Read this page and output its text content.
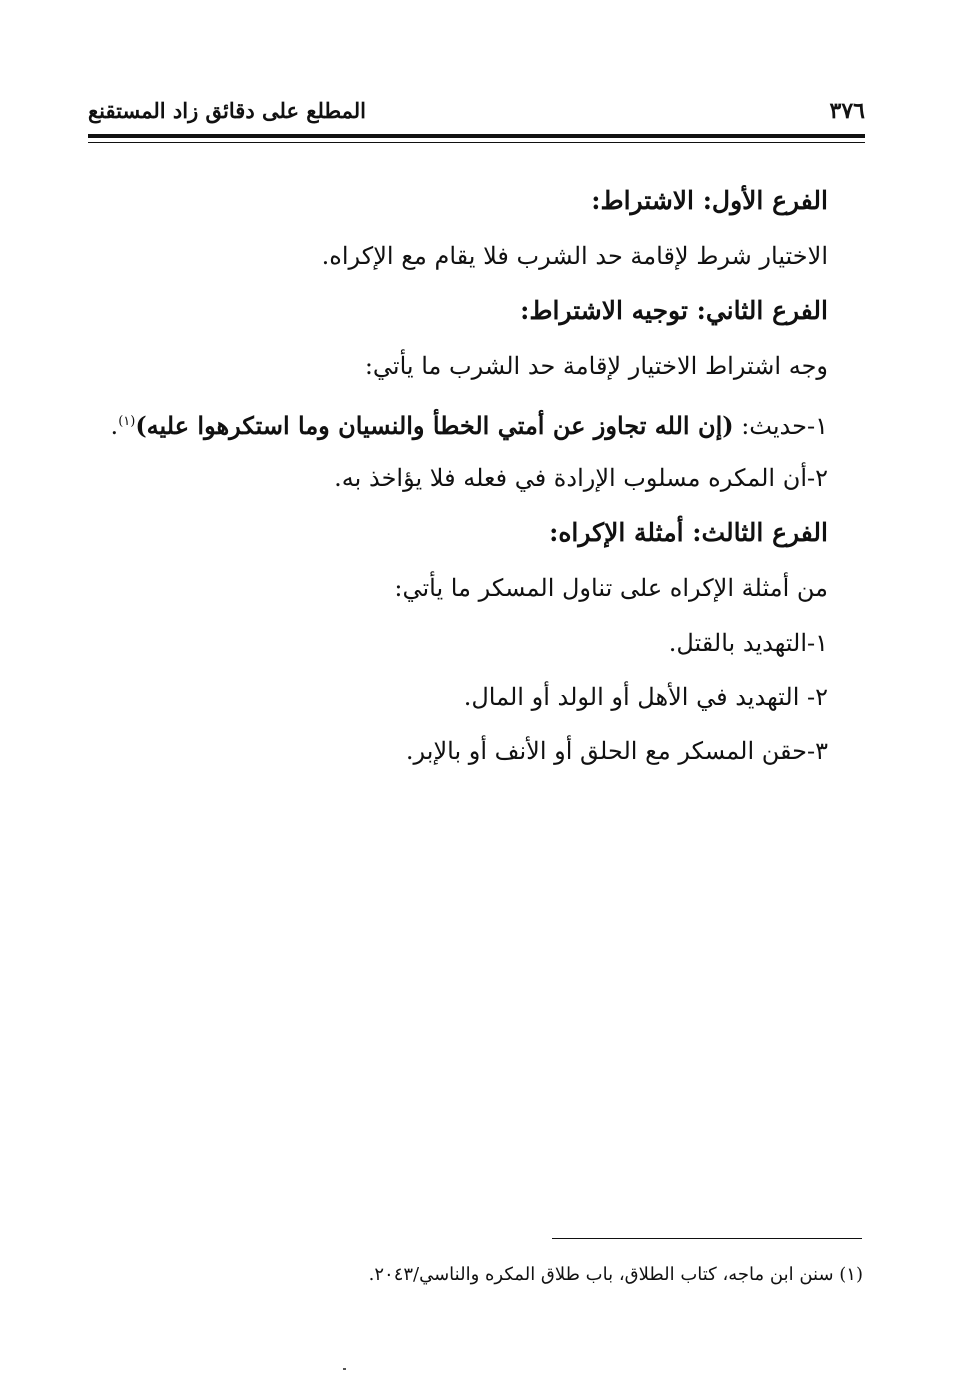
٣٧٦
المطلع على دقائق زاد المستقنع
الفرع الأول: الاشتراط:
الاختيار شرط لإقامة حد الشرب فلا يقام مع الإكراه.
الفرع الثاني: توجيه الاشتراط:
وجه اشتراط الاختيار لإقامة حد الشرب ما يأتي:
١-حديث: (إن الله تجاوز عن أمتي الخطأ والنسيان وما استكرهوا عليه)$^{(١)}$.
٢-أن المكره مسلوب الإرادة في فعله فلا يؤاخذ به.
الفرع الثالث: أمثلة الإكراه:
من أمثلة الإكراه على تناول المسكر ما يأتي:
١-التهديد بالقتل.
٢- التهديد في الأهل أو الولد أو المال.
٣-حقن المسكر مع الحلق أو الأنف أو بالإبر.
(١) سنن ابن ماجه، كتاب الطلاق، باب طلاق المكره والناسي/٢٠٤٣.
